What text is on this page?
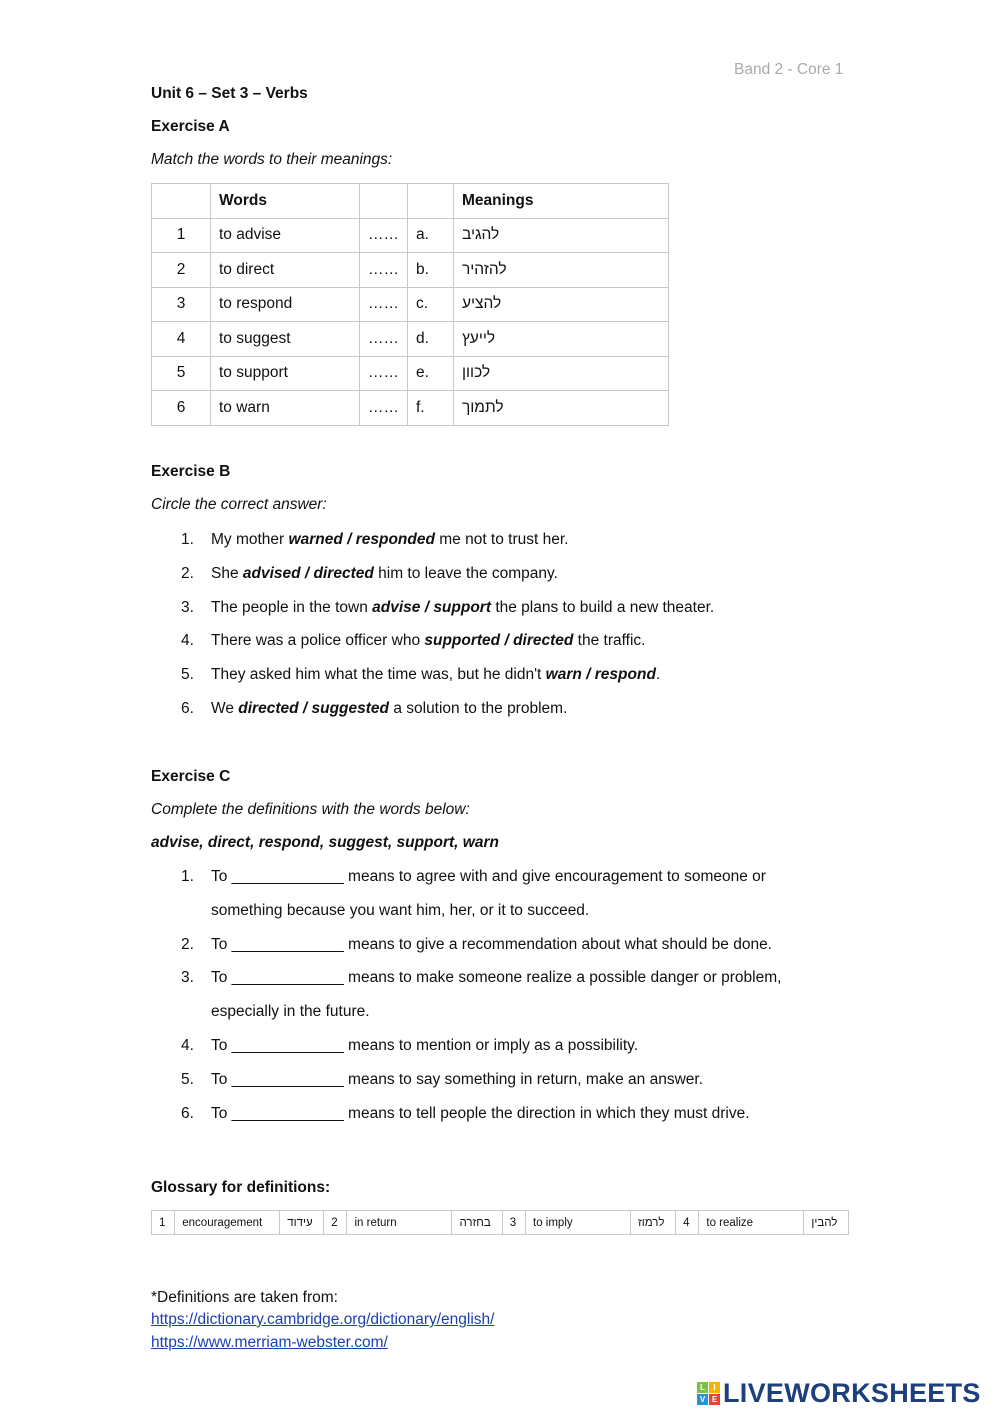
Band 2 - Core 1
Unit 6 – Set 3 – Verbs
Exercise A
Match the words to their meanings:
	Words			Meanings
1	to advise	……	a.	להגיב
2	to direct	……	b.	להזהיר
3	to respond	……	c.	להציע
4	to suggest	……	d.	לייעץ
5	to support	……	e.	לכוון
6	to warn	……	f.	לתמוך
Exercise B
Circle the correct answer:
1. My mother warned / responded me not to trust her.
2. She advised / directed him to leave the company.
3. The people in the town advise / support the plans to build a new theater.
4. There was a police officer who supported / directed the traffic.
5. They asked him what the time was, but he didn't warn / respond.
6. We directed / suggested a solution to the problem.
Exercise C
Complete the definitions with the words below:
advise, direct, respond, suggest, support, warn
1. To _____________ means to agree with and give encouragement to someone or
something because you want him, her, or it to succeed.
2. To _____________ means to give a recommendation about what should be done.
3. To _____________ means to make someone realize a possible danger or problem,
especially in the future.
4. To _____________ means to mention or imply as a possibility.
5. To _____________ means to say something in return, make an answer.
6. To _____________ means to tell people the direction in which they must drive.
Glossary for definitions:
1	encouragement	עידוד	2	in return	בחזרה	3	to imply	לרמוז	4	to realize	להבין
*Definitions are taken from:
https://dictionary.cambridge.org/dictionary/english/
https://www.merriam-webster.com/
L	I
V E LIVEWORKSHEETS
